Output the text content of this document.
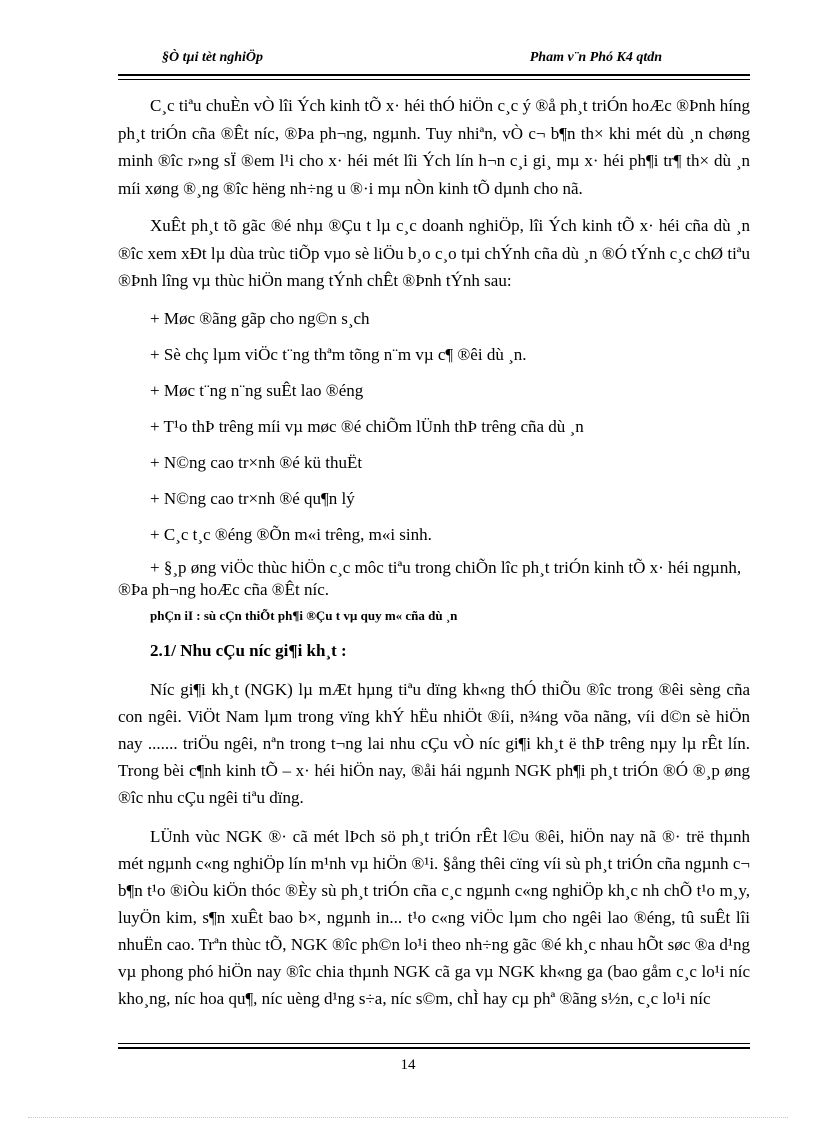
§Ò tµi tèt nghiÖp	Pham v¨n Phó K4 qtdn

C¸c tiªu chuÈn vÒ lîi Ých kinh tÕ x· héi thÓ hiÖn c¸c ý ®å ph¸t triÓn hoÆc ®Þnh híng ph¸t triÓn cña ®Êt níc, ®Þa ph¬ng, ngµnh. Tuy nhiªn, vÒ c¬ b¶n th× khi mét dù ¸n chøng minh ®îc r»ng sÏ ®em l¹i cho x· héi mét lîi Ých lín h¬n c¸i gi¸ mµ x· héi ph¶i tr¶ th× dù ¸n míi xøng ®¸ng ®îc hëng nh÷ng u ®·i mµ nÒn kinh tÕ dµnh cho nã.

XuÊt ph¸t tõ gãc ®é nhµ ®Çu t lµ c¸c doanh nghiÖp, lîi Ých kinh tÕ x· héi cña dù ¸n ®îc xem xÐt lµ dùa trùc tiÕp vµo sè liÖu b¸o c¸o tµi chÝnh cña dù ¸n ®Ó tÝnh c¸c chØ tiªu ®Þnh lîng vµ thùc hiÖn mang tÝnh chÊt ®Þnh tÝnh sau:

+ Møc ®ãng gãp cho ng©n s¸ch
+ Sè chç lµm viÖc t¨ng thªm tõng n¨m vµ c¶ ®êi dù ¸n.
+ Møc t¨ng n¨ng suÊt lao ®éng
+ T¹o thÞ trêng míi vµ møc ®é chiÕm lÜnh thÞ trêng cña dù ¸n
+ N©ng cao tr×nh ®é kü thuËt
+ N©ng cao tr×nh ®é qu¶n lý
+ C¸c t¸c ®éng ®Õn m«i trêng, m«i sinh.
+ §¸p øng viÖc thùc hiÖn c¸c môc tiªu trong chiÕn lîc ph¸t triÓn kinh tÕ x· héi ngµnh, ®Þa ph¬ng hoÆc cña ®Êt níc.
phÇn iI : sù cÇn thiÕt ph¶i ®Çu t vµ quy m« cña dù ¸n
2.1/ Nhu cÇu níc gi¶i kh¸t :

Níc gi¶i kh¸t (NGK) lµ mÆt hµng tiªu dïng kh«ng thÓ thiÕu ®îc trong ®êi sèng cña con ngêi. ViÖt Nam lµm trong vïng khÝ hËu nhiÖt ®íi, n¾ng võa nãng, víi d©n sè hiÖn nay ....... triÖu ngêi, nªn trong t¬ng lai nhu cÇu vÒ níc gi¶i kh¸t ë thÞ trêng nµy lµ rÊt lín. Trong bèi c¶nh kinh tÕ – x· héi hiÖn nay, ®åi hái ngµnh NGK ph¶i ph¸t triÓn ®Ó ®¸p øng ®îc nhu cÇu ngêi tiªu dïng.

LÜnh vùc NGK ®· cã mét lÞch sö ph¸t triÓn rÊt l©u ®êi, hiÖn nay nã ®· trë thµnh mét ngµnh c«ng nghiÖp lín m¹nh vµ hiÖn ®¹i. §ång thêi cïng víi sù ph¸t triÓn cña ngµnh c¬ b¶n t¹o ®iÒu kiÖn thóc ®Èy sù ph¸t triÓn cña c¸c ngµnh c«ng nghiÖp kh¸c nh chÕ t¹o m¸y, luyÖn kim, s¶n xuÊt bao b×, ngµnh in... t¹o c«ng viÖc lµm cho ngêi lao ®éng, tû suÊt lîi nhuËn cao. Trªn thùc tÕ, NGK ®îc ph©n lo¹i theo nh÷ng gãc ®é kh¸c nhau hÕt søc ®a d¹ng vµ phong phó hiÖn nay ®îc chia thµnh NGK cã ga vµ NGK kh«ng ga (bao gåm c¸c lo¹i níc kho¸ng, níc hoa qu¶, níc uèng d¹ng s÷a, níc s©m, chÌ hay cµ phª ®ãng s½n, c¸c lo¹i níc

14
